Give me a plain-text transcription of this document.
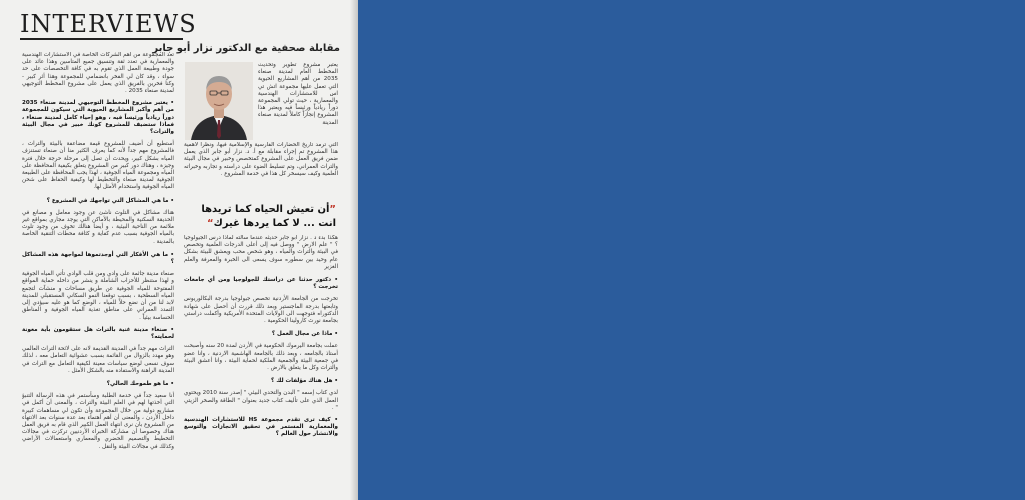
INTERVIEWS
مقابلة صحفية مع الدكتور نزار أبو جابر

تعد المجموعة من أهم الشركات الخاصة في الاستشارات الهندسية والمعمارية في تعدد ثقة وتنسيق جميع المتاسين وهذا عائد على جودة وطبيعة العمل الذي تقوم به في كافة التخصصات على حد سواء ، وقد كان لي الفخر بانضمامي للمجموعة وهذا أثر كبير - وكنا فخرين بالفريق الذي يعمل على مشروع المخطط التوجيهي لمدينة صنعاء 2035 .

• يعتبر مشروع المخطط التوجيهي لمدينة صنعاء 2035 من أهم وأكبر المشاريع الحيوية التي سيكون للمجموعة دوراً ريادياً ورئيساً فيه ، وهو إحياء كامل لمدينة صنعاء ، فماذا ستضيف للمشروع كونك خبير في مجال البيئة والتراث؟

أستطيع أن أضيف للمشروع قيمة مضاعفة بالبيئة والتراث ، فالمشروع مهم جداً لأنه كما يعرف الكثير منا أن صنعاء تستنزف المياه بشكل كبير، ويحدث أن تصل إلى مرحلة حرجة خلال فترة وجيزة ، وهناك دور كبير من المشروع يتعلق بكيفية المحافظة على المياه ومجموعة المياه الجوفية ، لهذا يجب المحافظة على الطبيعة الجوفية لمدينة صنعاء والتخطيط لها وكيفية الحفاظ على شحن المياه الجوفية واستخدام الأمثل لها.

• ما هي المشاكل التي تواجهك في المشروع ؟

هناك مشاكل في التلوث ناشئ عن وجود معامل و مصانع في الحديقة السكنية والمحيطة بالأماكن التي يوجد مجاري بمواقع غير ملائمة من الناحية البيئية ، و أيضا هنالك تخوف من وجود تلوث بالمياه الجوفية بسبب عدم كفاية و كثافة محطات التنقية الخاصة بالمدينة .

• ما هي الأفكار التي أوجدتموها لمواجهة هذه المشاكل ؟

صنعاء مدينة جاثمة على وادي ومن قلب الوادي تأتي المياه الجوفية و لهذا ستنظر للأحزاب الشاملة و ينشر من داخله حماية المواقع المفتوحة للمياه الجوفية عن طريق مساحات و منشآت لتجمع المياه السطحية ، بسبب توقعنا النمو السكاني المستقبلي للمدينة لابد لنا من أن نضع حلاً للمياه ، الوضع كما هو عليه سيؤدي إلى التمدد العمراني على مناطق تغذية المياه الجوفية و المناطق الحساسة بيئياً .

• صنعاء مدينة غنية بالتراث هل ستقومون بأية معونة لحمايته؟

التراث مهم جداً في المدينة القديمة لانه على لائحة التراث العالمي وهو مهدد بالزوال من القائمة بسبب عشوائية التعامل معه ، لذلك سوف نسعى لوضع سياسات معينة لكيفية التعامل مع التراث في المدينة الراهنة والاستفادة منه بالشكل الأمثل .

• ما هو طموحك الحالي؟

أنا سعيد جداً في خدمة الطلبة وسأستمر في هذه الرسالة التنبؤ التي أخذتها لهم في العلم البيئة والتراث ، والمعنى أن أكمل في مشاريع دولية من خلال المجموعة وأن تكون لي مساهمات كبيرة داخل الأردن ، والمعنى أن أهم أهتماء بعد عدة سنوات بعد الانتهاء من المشروع بان نرى انتهاء العمل الكبير الذي قام به فريق العمل هناك وخصوصا أن مشاركة الخبراء الأردنيين تركزت في مجالات التخطيط والتصميم الحضري والمعماري واستعمالات الأراضي وكذلك في مجالات البيئة والنقل .

يعتبر مشروع تطوير وتحديث المخطط العام لمدينة صنعاء 2035 من أهم المشاريع الحيوية التي تعمل عليها مجموعة اتش تي اس للاستشارات الهندسية والمعمارية ، حيث تولي المجموعة دوراً ريادياً ورئيساً فيه ويعتبر هذا المشروع إنجازاً كاملاً لمدينة صنعاء المدينة

التي ترمد تاريخ الحضارات الفارسية والإسلامية فيها، ونظرا لأهمية هذا المشروع تم إجراء مقابلة مع أ. د. نزار أبو جابر الذي يعمل ضمن فريق العمل على المشروع كمتخصص وخبير في مجال البيئة والتراث العمراني، وتم تسليط الضوء على دراسته و تجاربه وخبراته العلمية وكيف سيسخر كل هذا في خدمة المشروع .

”أن تعيش الحياه كما تريدها
انت ... لا كما يردها غيرك“

هكذا بدء د . نزار أبو جابر حديثه عندما سألته لماذا درس الجيولوجيا ؟ " علم الارض " ووصل فيه إلى أعلى الدرجات العلمية وتخصص في البيئة والتراث والمياه ، وهو شخص محب ويعشق للبيئة بشكل عام وحيد بين سطوره سوف يسعى الى الخبرة والمعرفة والعلم الغزير

• دكتور حدثنا عن دراستك للجولوجيا ومن أي جامعات تخرجت ؟

تخرجت من الجامعة الأردنية تخصص جيولوجيا بدرجة البكالوريوس وتابعتها بدرجة الماجستير وبعد ذلك قررت أن أحصل على شهادة الدكتوراه فتوجهت الى الولايات المتحدة الأمريكية وأكملت دراستي بجامعة نورث كارولينا الحكومية .

• ماذا عن مجال العمل ؟

عملت بجامعة اليرموك الحكومية في الأردن لمدة 20 سنه وأصبحت أستاذ بالجامعه ، وبعد ذلك بالجامعة الهاشمية الاردنية ، وانا عضو في جمعية البيئة والجمعية الملكية لحماية البيئة ، وانا أعشق البيئة والتراث وكل ما يتعلق بالارض .

• هل هناك مؤلفات لك ؟

لدي كتاب إسمه " البدن والتحدي البيئي " إصدر سنة 2010 ويحتوي العمل الذي على تأليف كتاب جديد بعنوان " الطاقة والصخر الزيتي " .

• كيف ترى تقدم مجموعة HS للاستشارات الهندسية والمعمارية المستمر في تحقيق الانجازات والتوسع والانتشار حول العالم ؟
